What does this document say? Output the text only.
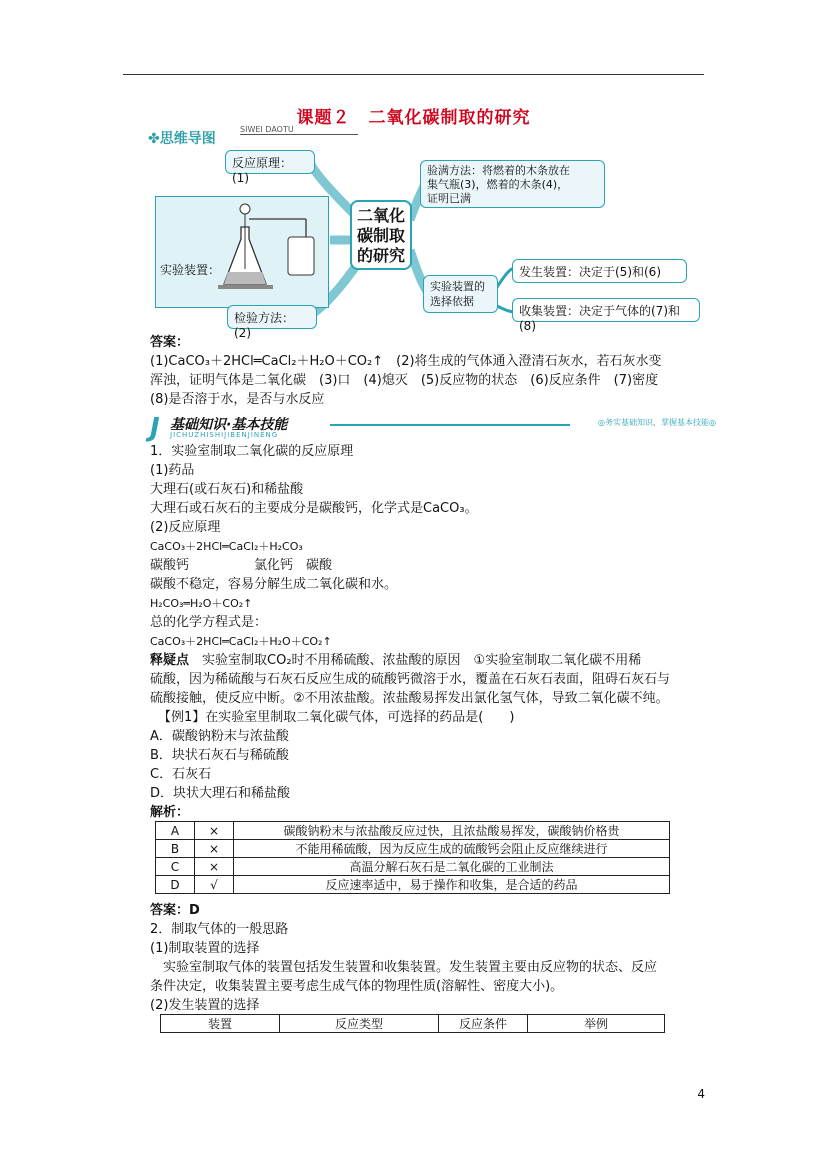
课题２　二氧化碳制取的研究
✤思维导图
SIWEI DAOTU
反应原理：(1)
实验装置：
检验方法：(2)
二氧化
碳制取
的研究
验满方法：将燃着的木条放在
集气瓶(3)，燃着的木条(4)，
证明已满
实验装置的
选择依据
发生装置：决定于(5)和(6)
收集装置：决定于气体的(7)和(8)
答案：
(1)CaCO₃＋2HCl═CaCl₂＋H₂O＋CO₂↑　(2)将生成的气体通入澄清石灰水，若石灰水变
浑浊，证明气体是二氧化碳　(3)口　(4)熄灭　(5)反应物的状态　(6)反应条件　(7)密度
(8)是否溶于水，是否与水反应
J 基础知识·基本技能
JICHUZHISHIJIBENJINENG
◎务实基础知识，掌握基本技能◎
1．实验室制取二氧化碳的反应原理
(1)药品
大理石(或石灰石)和稀盐酸
大理石或石灰石的主要成分是碳酸钙，化学式是CaCO₃。
(2)反应原理
CaCO₃＋2HCl═CaCl₂＋H₂CO₃
碳酸钙　　　　　氯化钙　碳酸
碳酸不稳定，容易分解生成二氧化碳和水。
H₂CO₃═H₂O＋CO₂↑
总的化学方程式是：
CaCO₃＋2HCl═CaCl₂＋H₂O＋CO₂↑
释疑点　实验室制取CO₂时不用稀硫酸、浓盐酸的原因　①实验室制取二氧化碳不用稀
硫酸，因为稀硫酸与石灰石反应生成的硫酸钙微溶于水，覆盖在石灰石表面，阻碍石灰石与
硫酸接触，使反应中断。②不用浓盐酸。浓盐酸易挥发出氯化氢气体，导致二氧化碳不纯。
【例1】在实验室里制取二氧化碳气体，可选择的药品是(　　)
A．碳酸钠粉末与浓盐酸
B．块状石灰石与稀硫酸
C．石灰石
D．块状大理石和稀盐酸
解析：
A	×	碳酸钠粉末与浓盐酸反应过快，且浓盐酸易挥发，碳酸钠价格贵
B	×	不能用稀硫酸，因为反应生成的硫酸钙会阻止反应继续进行
C	×	高温分解石灰石是二氧化碳的工业制法
D	√	反应速率适中，易于操作和收集，是合适的药品
答案：D
2．制取气体的一般思路
(1)制取装置的选择
　实验室制取气体的装置包括发生装置和收集装置。发生装置主要由反应物的状态、反应
条件决定，收集装置主要考虑生成气体的物理性质(溶解性、密度大小)。
(2)发生装置的选择
装置	反应类型	反应条件	举例
4
